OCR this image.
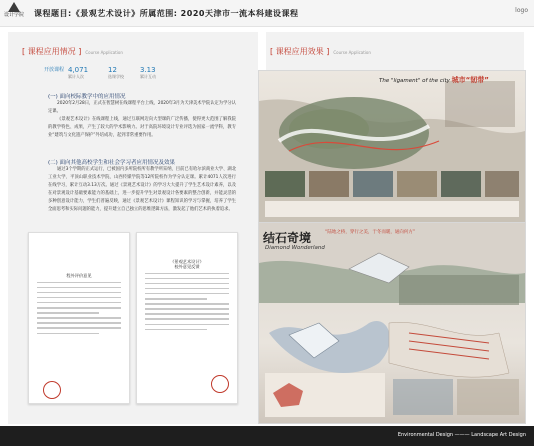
设计学院 课程题目:《景观艺术设计》所属范围: 2020天津市一流本科建设课程	logo
[ 课程应用情况 ] Course Application	[ 课程应用效果 ] Course Application
开放课程 4,071
累计人次
12
选课学校
3.13
累计互动
(一) 面向校际教学中的应用情况
2020年2月28日，正式在智慧树在线课程平台上线，2020年3月为天津美术学院认定为学分认定课。
《景观艺术设计》在线课程上线，通过互联网迈向大型课的广泛传播，使得更大范围了解我院的教学特色、成果，产生了较大的学术影响力。对于高院环境设计专业评选为国家一流学科，教专业“建筑与文化遗产保护”外培成功，起到非常重要作用。
(二) 面向其他高校学生和社会学习者应用情况及效果
通过3个学期的正式运行，已被国内多所院校所有教学所采纳，目前已有哈尔滨商业大学、湖北工业大学、平顶山职业技术学院、山西传媒学院等12所院校作为学分认定课。累计4071人次进行在线学习，累计互动3.13万次。通过《景观艺术设计》的学习大大提升了学生艺术设计素养，以及在对景观设计基础要素能力的基础上，进一步提升学生对景观设计各要素的整合创新，并能灵活的多种创意设计能力，学生们普遍反映，通过《景观艺术设计》课程知识的学习与掌握，培养了学生全面思考和实际问题的能力，提升建立自己独立的思维逻辑方法，激发起了他们艺术的执着追求。
程外评价意见
《景观艺术设计》
校外意见反馈
The "ligament" of the city 城市“韧带”
结石奇境
Diamond Wonderland
“陆地之桥，穿行之美，于冬而暖，通向何方”
Environmental Design ——— Landscape Art Design
